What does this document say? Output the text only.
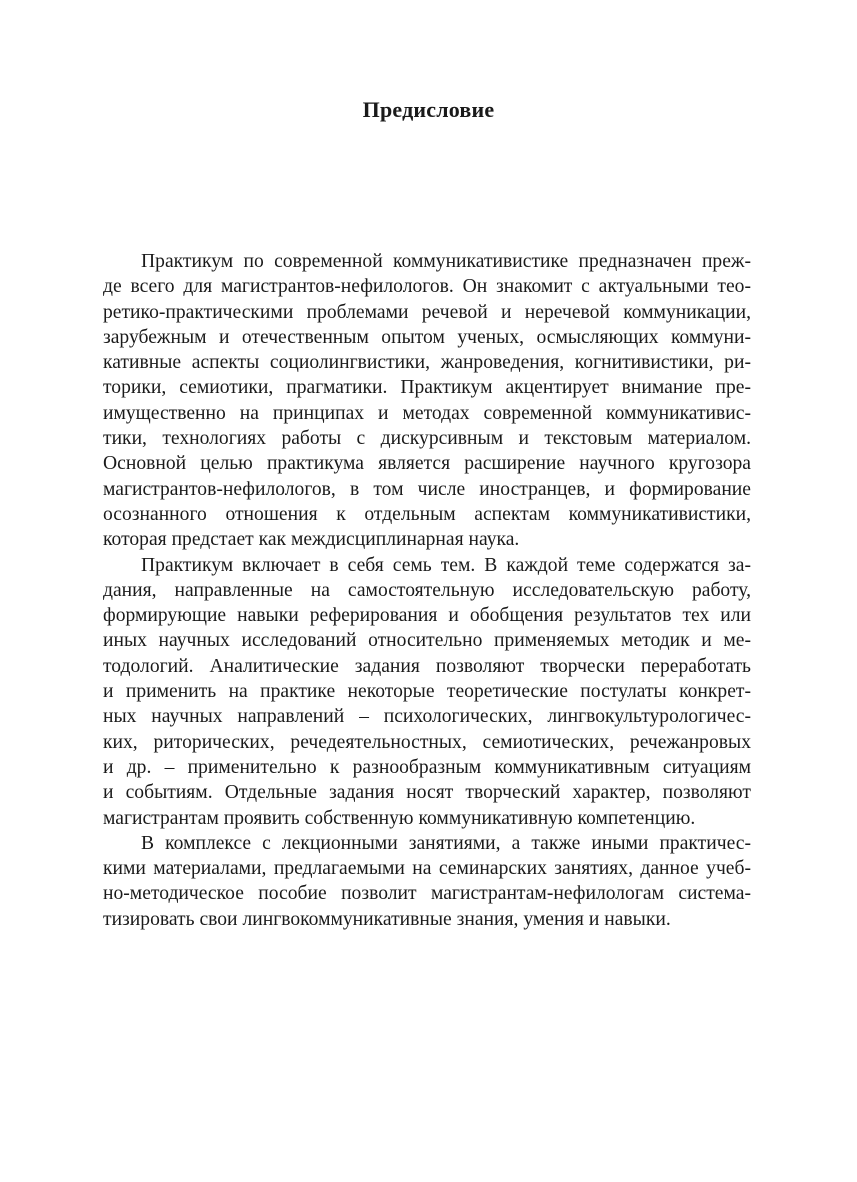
Предисловие
Практикум по современной коммуникативистике предназначен преж-
де всего для магистрантов-нефилологов. Он знакомит с актуальными тео-
ретико-практическими проблемами речевой и неречевой коммуникации,
зарубежным и отечественным опытом ученых, осмысляющих коммуни-
кативные аспекты социолингвистики, жанроведения, когнитивистики, ри-
торики, семиотики, прагматики. Практикум акцентирует внимание пре-
имущественно на принципах и методах современной коммуникативис-
тики, технологиях работы с дискурсивным и текстовым материалом.
Основной целью практикума является расширение научного кругозора
магистрантов-нефилологов, в том числе иностранцев, и формирование
осознанного отношения к отдельным аспектам коммуникативистики,
которая предстает как междисциплинарная наука.
Практикум включает в себя семь тем. В каждой теме содержатся за-
дания, направленные на самостоятельную исследовательскую работу,
формирующие навыки реферирования и обобщения результатов тех или
иных научных исследований относительно применяемых методик и ме-
тодологий. Аналитические задания позволяют творчески переработать
и применить на практике некоторые теоретические постулаты конкрет-
ных научных направлений – психологических, лингвокультурологичес-
ких, риторических, речедеятельностных, семиотических, речежанровых
и др. – применительно к разнообразным коммуникативным ситуациям
и событиям. Отдельные задания носят творческий характер, позволяют
магистрантам проявить собственную коммуникативную компетенцию.
В комплексе с лекционными занятиями, а также иными практичес-
кими материалами, предлагаемыми на семинарских занятиях, данное учеб-
но-методическое пособие позволит магистрантам-нефилологам система-
тизировать свои лингвокоммуникативные знания, умения и навыки.
